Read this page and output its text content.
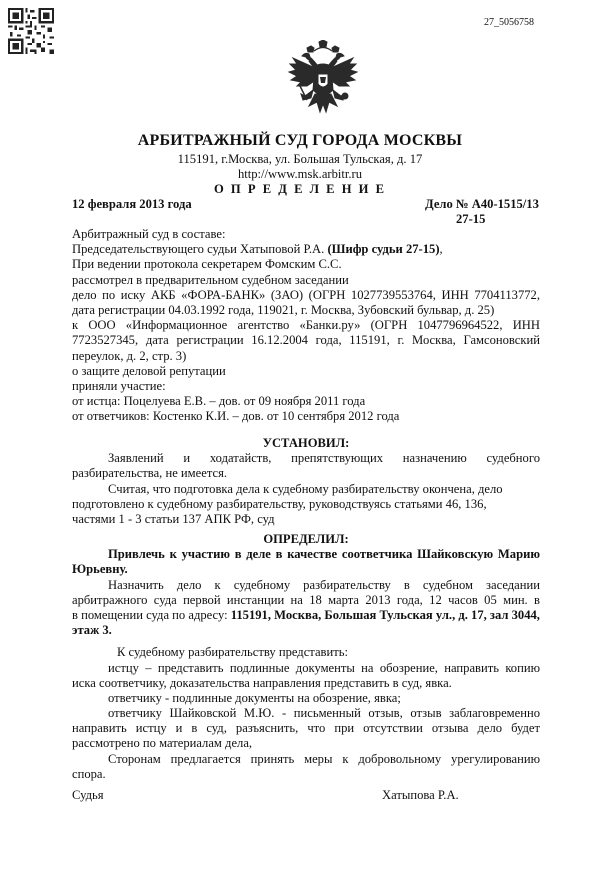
27_5056758
АРБИТРАЖНЫЙ СУД ГОРОДА МОСКВЫ
115191, г.Москва, ул. Большая Тульская, д. 17
http://www.msk.arbitr.ru
О П Р Е Д Е Л Е Н И Е
12 февраля 2013 года	Дело № А40-1515/13
27-15
Арбитражный суд в составе:
Председательствующего судьи Хатыповой Р.А. (Шифр судьи 27-15),
При ведении протокола секретарем Фомским С.С.
рассмотрел в предварительном судебном заседании
дело по иску АКБ «ФОРА-БАНК» (ЗАО) (ОГРН 1027739553764, ИНН 7704113772,
дата регистрации 04.03.1992 года, 119021, г. Москва, Зубовский бульвар, д. 25)
к ООО «Информационное агентство «Банки.ру» (ОГРН 1047796964522, ИНН
7723527345, дата регистрации 16.12.2004 года, 115191, г. Москва, Гамсоновский
переулок, д. 2, стр. 3)
о защите деловой репутации
приняли участие:
от истца: Поцелуева Е.В. – дов. от 09 ноября 2011 года
от ответчиков: Костенко К.И. – дов. от 10 сентября 2012 года
УСТАНОВИЛ:
Заявлений и ходатайств, препятствующих назначению судебного
разбирательства, не имеется.
Считая, что подготовка дела к судебному разбирательству окончена, дело
подготовлено к судебному разбирательству, руководствуясь статьями 46, 136,
частями 1 - 3 статьи 137 АПК РФ, суд
ОПРЕДЕЛИЛ:
Привлечь к участию в деле в качестве соответчика Шайковскую Марию
Юрьевну.
Назначить дело к судебному разбирательству в судебном заседании
арбитражного суда первой инстанции на 18 марта 2013 года, 12 часов 05 мин. в
в помещении суда по адресу: 115191, Москва, Большая Тульская ул., д. 17, зал 3044,
этаж 3.
К судебному разбирательству представить:
истцу – представить подлинные документы на обозрение, направить копию
иска соответчику, доказательства направления представить в суд, явка.
ответчику - подлинные документы на обозрение, явка;
ответчику Шайковской М.Ю. - письменный отзыв, отзыв заблаговременно
направить истцу и в суд, разъяснить, что при отсутствии отзыва дело будет
рассмотрено по материалам дела,
Сторонам предлагается принять меры к добровольному урегулированию
спора.
Судья	Хатыпова Р.А.
